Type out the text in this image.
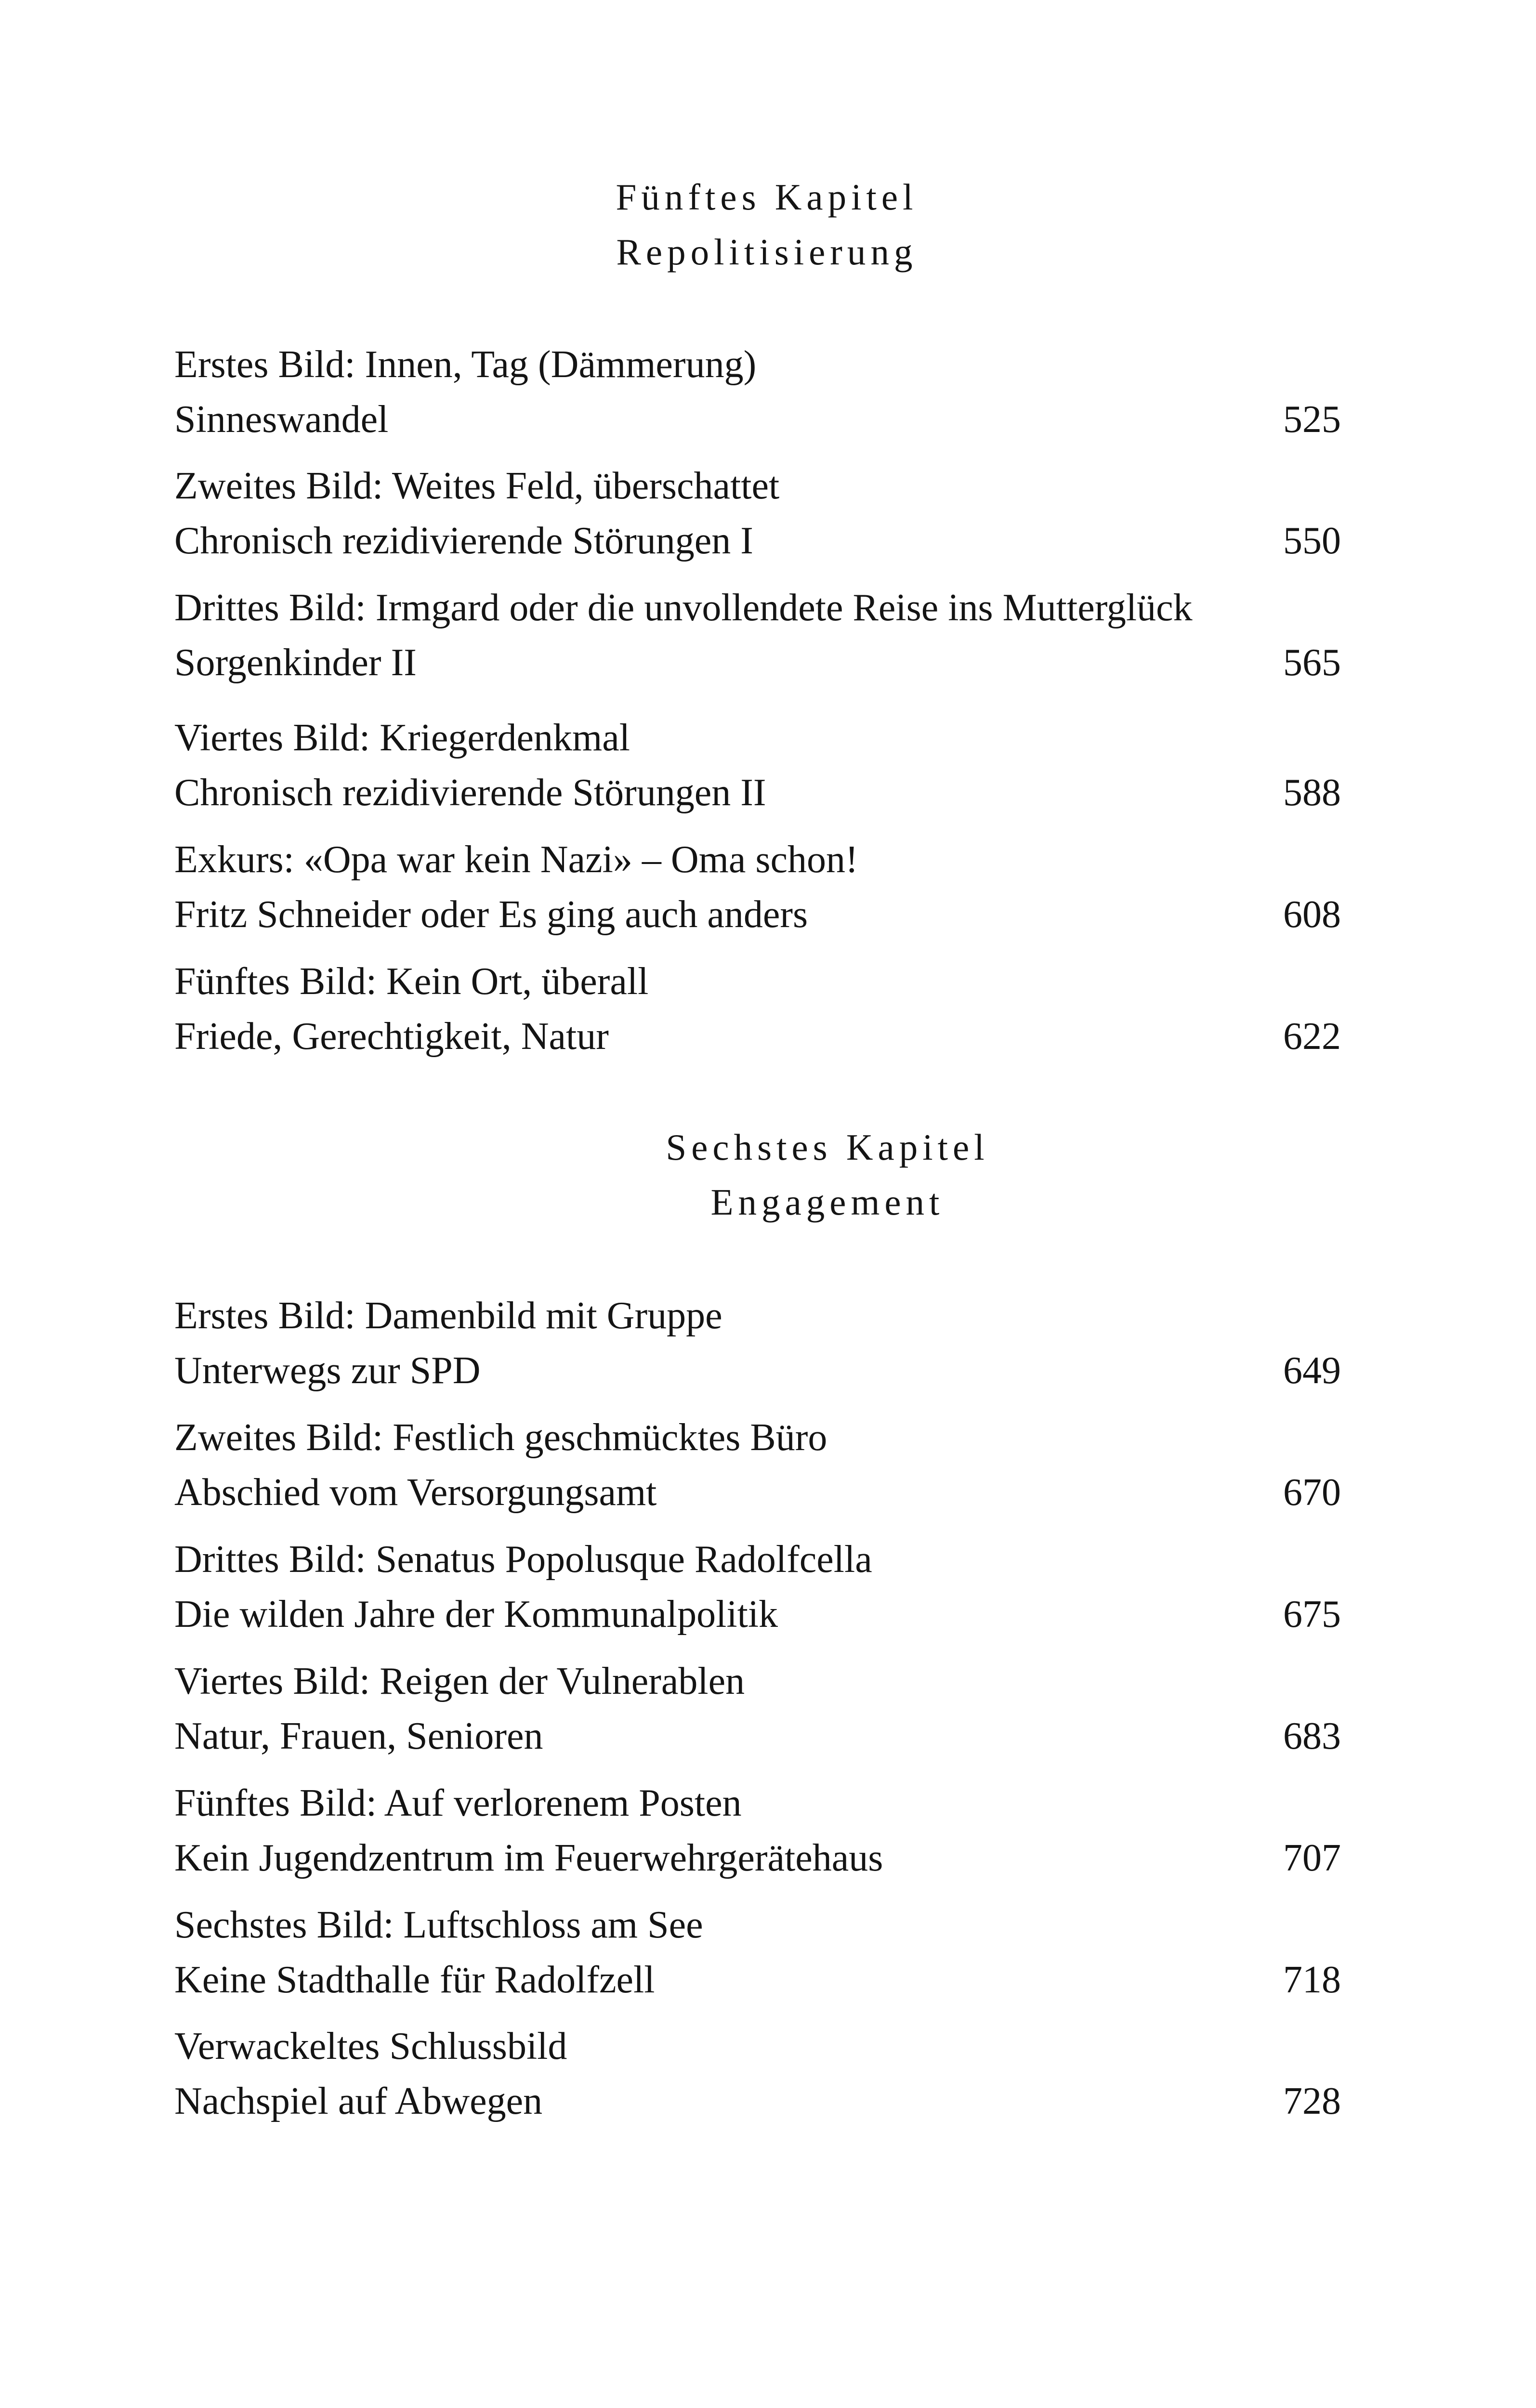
Fünftes Kapitel
Repolitisierung
Erstes Bild: Innen, Tag (Dämmerung)
Sinneswandel	525
Zweites Bild: Weites Feld, überschattet
Chronisch rezidivierende Störungen I	550
Drittes Bild: Irmgard oder die unvollendete Reise ins Mutterglück
Sorgenkinder II	565
Viertes Bild: Kriegerdenkmal
Chronisch rezidivierende Störungen II	588
Exkurs: «Opa war kein Nazi» – Oma schon!
Fritz Schneider oder Es ging auch anders	608
Fünftes Bild: Kein Ort, überall
Friede, Gerechtigkeit, Natur	622
Sechstes Kapitel
Engagement
Erstes Bild: Damenbild mit Gruppe
Unterwegs zur SPD	649
Zweites Bild: Festlich geschmücktes Büro
Abschied vom Versorgungsamt	670
Drittes Bild: Senatus Popolusque Radolfcella
Die wilden Jahre der Kommunalpolitik	675
Viertes Bild: Reigen der Vulnerablen
Natur, Frauen, Senioren	683
Fünftes Bild: Auf verlorenem Posten
Kein Jugendzentrum im Feuerwehrgerätehaus	707
Sechstes Bild: Luftschloss am See
Keine Stadthalle für Radolfzell	718
Verwackeltes Schlussbild
Nachspiel auf Abwegen	728
